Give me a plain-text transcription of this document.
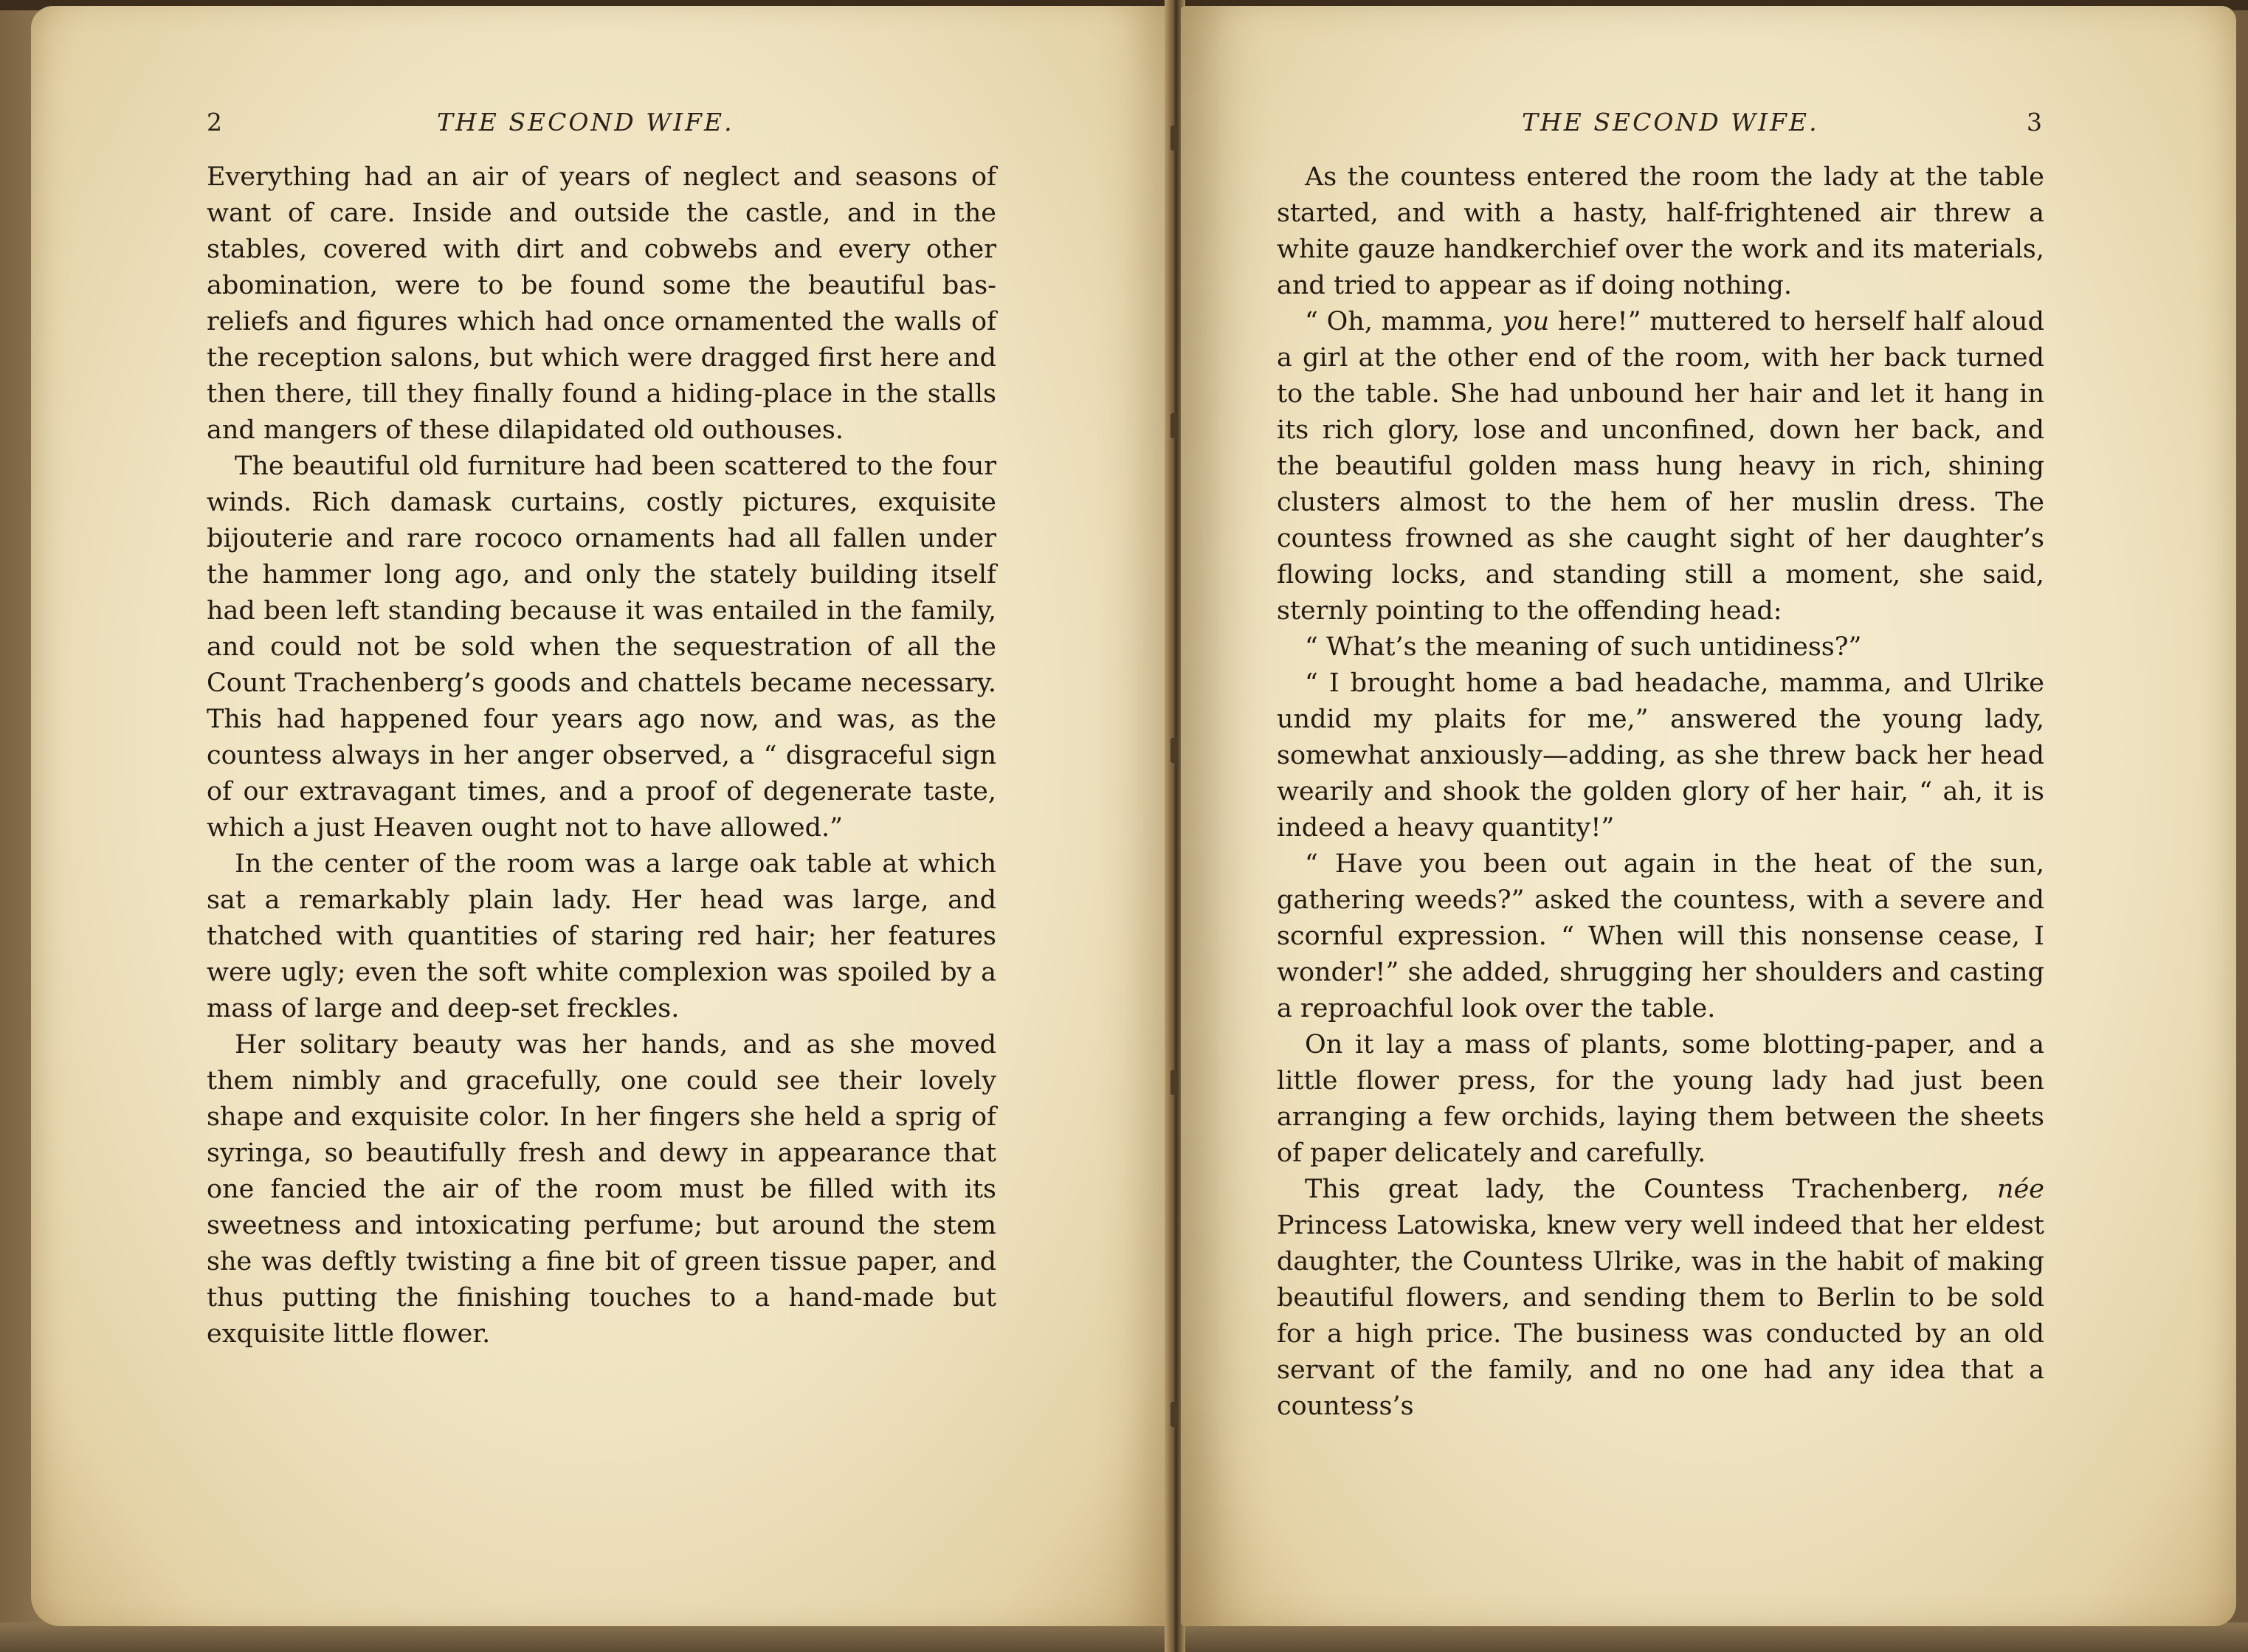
2	THE SECOND WIFE.

Everything had an air of years of neglect and seasons of want of care. Inside and outside the castle, and in the stables, covered with dirt and cobwebs and every other abomination, were to be found some the beautiful bas-reliefs and figures which had once ornamented the walls of the reception salons, but which were dragged first here and then there, till they finally found a hiding-place in the stalls and mangers of these dilapidated old outhouses.

The beautiful old furniture had been scattered to the four winds. Rich damask curtains, costly pictures, exquisite bijouterie and rare rococo ornaments had all fallen under the hammer long ago, and only the stately building itself had been left standing because it was entailed in the family, and could not be sold when the sequestration of all the Count Trachenberg’s goods and chattels became necessary. This had happened four years ago now, and was, as the countess always in her anger observed, a “ disgraceful sign of our extravagant times, and a proof of degenerate taste, which a just Heaven ought not to have allowed.”

In the center of the room was a large oak table at which sat a remarkably plain lady. Her head was large, and thatched with quantities of staring red hair; her features were ugly; even the soft white complexion was spoiled by a mass of large and deep-set freckles.

Her solitary beauty was her hands, and as she moved them nimbly and gracefully, one could see their lovely shape and exquisite color. In her fingers she held a sprig of syringa, so beautifully fresh and dewy in appearance that one fancied the air of the room must be filled with its sweetness and intoxicating perfume; but around the stem she was deftly twisting a fine bit of green tissue paper, and thus putting the finishing touches to a hand-made but exquisite little flower.

THE SECOND WIFE.	3

As the countess entered the room the lady at the table started, and with a hasty, half-frightened air threw a white gauze handkerchief over the work and its materials, and tried to appear as if doing nothing.

“ Oh, mamma, you here!” muttered to herself half aloud a girl at the other end of the room, with her back turned to the table. She had unbound her hair and let it hang in its rich glory, lose and unconfined, down her back, and the beautiful golden mass hung heavy in rich, shining clusters almost to the hem of her muslin dress. The countess frowned as she caught sight of her daughter’s flowing locks, and standing still a moment, she said, sternly pointing to the offending head:

“ What’s the meaning of such untidiness?”

“ I brought home a bad headache, mamma, and Ulrike undid my plaits for me,” answered the young lady, somewhat anxiously—adding, as she threw back her head wearily and shook the golden glory of her hair, “ ah, it is indeed a heavy quantity!”

“ Have you been out again in the heat of the sun, gathering weeds?” asked the countess, with a severe and scornful expression. “ When will this nonsense cease, I wonder!” she added, shrugging her shoulders and casting a reproachful look over the table.

On it lay a mass of plants, some blotting-paper, and a little flower press, for the young lady had just been arranging a few orchids, laying them between the sheets of paper delicately and carefully.

This great lady, the Countess Trachenberg, née Princess Latowiska, knew very well indeed that her eldest daughter, the Countess Ulrike, was in the habit of making beautiful flowers, and sending them to Berlin to be sold for a high price. The business was conducted by an old servant of the family, and no one had any idea that a countess’s
